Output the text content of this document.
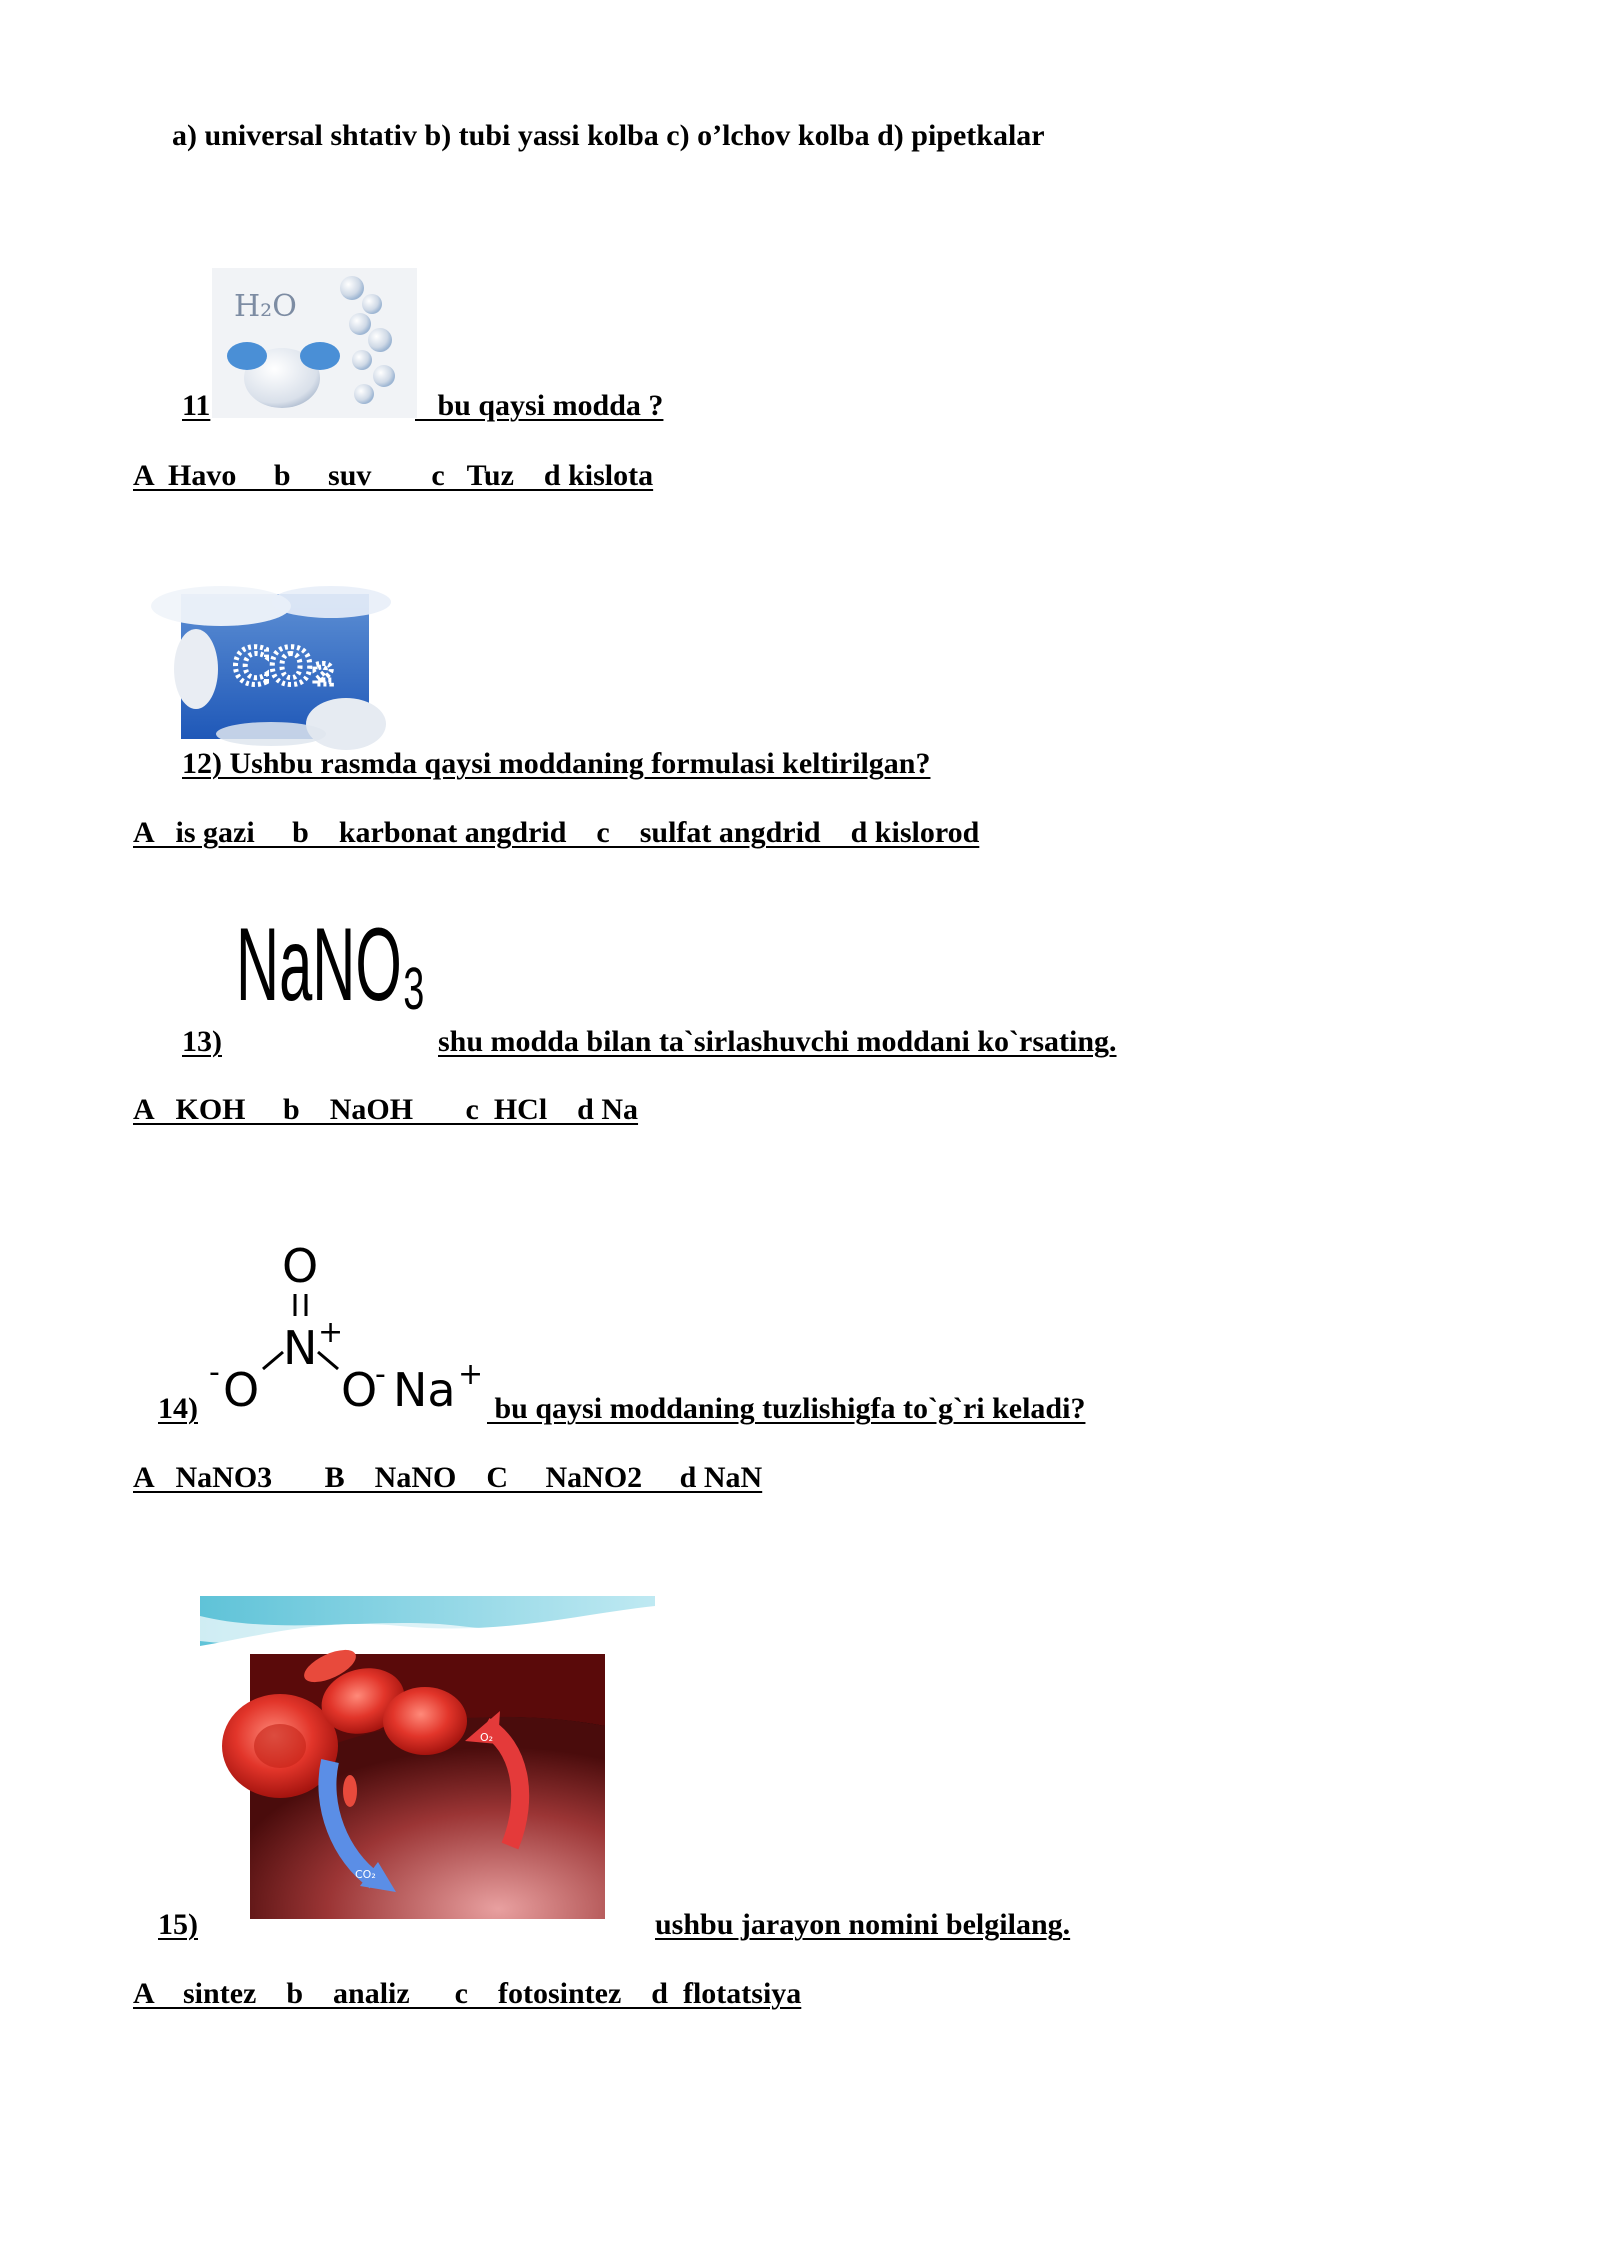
a) universal shtativ b) tubi yassi kolba c) o’lchov kolba d) pipetkalar
H₂O
11	bu qaysi modda ?
A  Havo     b     suv        c   Tuz    d kislota
CO₂
12) Ushbu rasmda qaysi moddaning formulasi keltirilgan?
A   is gazi     b    karbonat angdrid    c    sulfat angdrid    d kislorod
NaNO₃
13)	shu modda bilan ta`sirlashuvchi moddani ko`rsating.
A   KOH     b    NaOH       c  HCl    d Na
O
N +
- O O
- Na +
14)	bu qaysi moddaning tuzlishigfa to`g`ri keladi?
A   NaNO3       B    NaNO    C     NaNO2     d NaN
CO₂
O₂
15)	ushbu jarayon nomini belgilang.
A    sintez    b    analiz      c    fotosintez    d  flotatsiya
